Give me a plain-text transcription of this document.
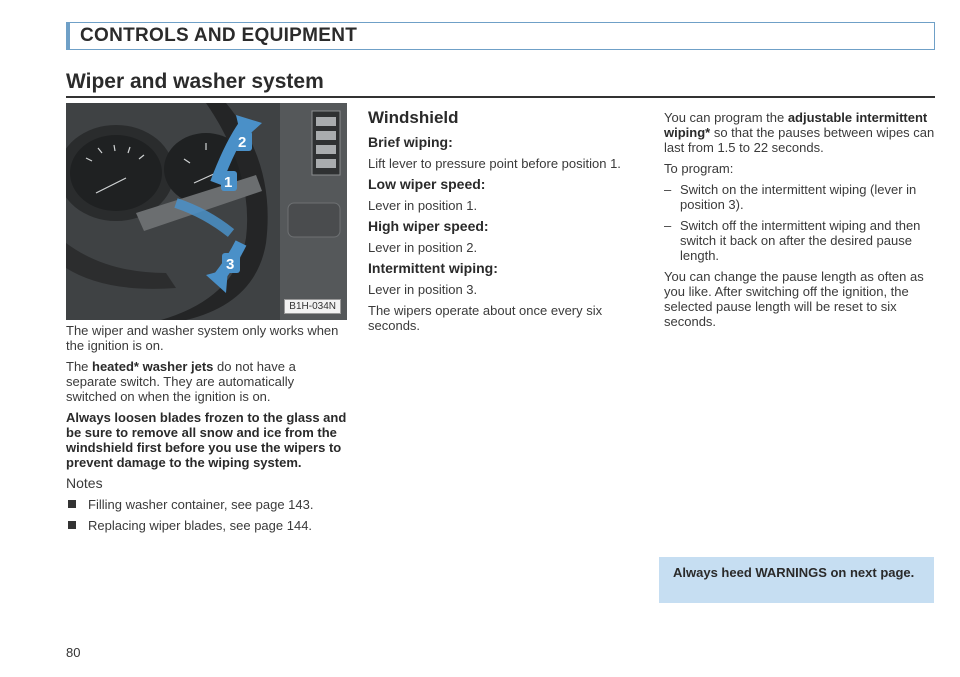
CONTROLS AND EQUIPMENT
Wiper and washer system
2
1
3
B1H-034N

The wiper and washer system only works when the ignition is on.

The heated* washer jets do not have a separate switch. They are automatically switched on when the ignition is on.

Always loosen blades frozen to the glass and be sure to remove all snow and ice from the windshield first before you use the wipers to prevent damage to the wiping system.

Notes

Filling washer container, see page 143.

Replacing wiper blades, see page 144.

Windshield

Brief wiping:

Lift lever to pressure point before position 1.

Low wiper speed:

Lever in position 1.

High wiper speed:

Lever in position 2.

Intermittent wiping:

Lever in position 3.

The wipers operate about once every six seconds.

You can program the adjustable intermittent wiping* so that the pauses between wipes can last from 1.5 to 22 seconds.

To program:

– Switch on the intermittent wiping (lever in position 3).

– Switch off the intermittent wiping and then switch it back on after the desired pause length.

You can change the pause length as often as you like. After switching off the ignition, the selected pause length will be reset to six seconds.

Always heed WARNINGS on next page.
80
